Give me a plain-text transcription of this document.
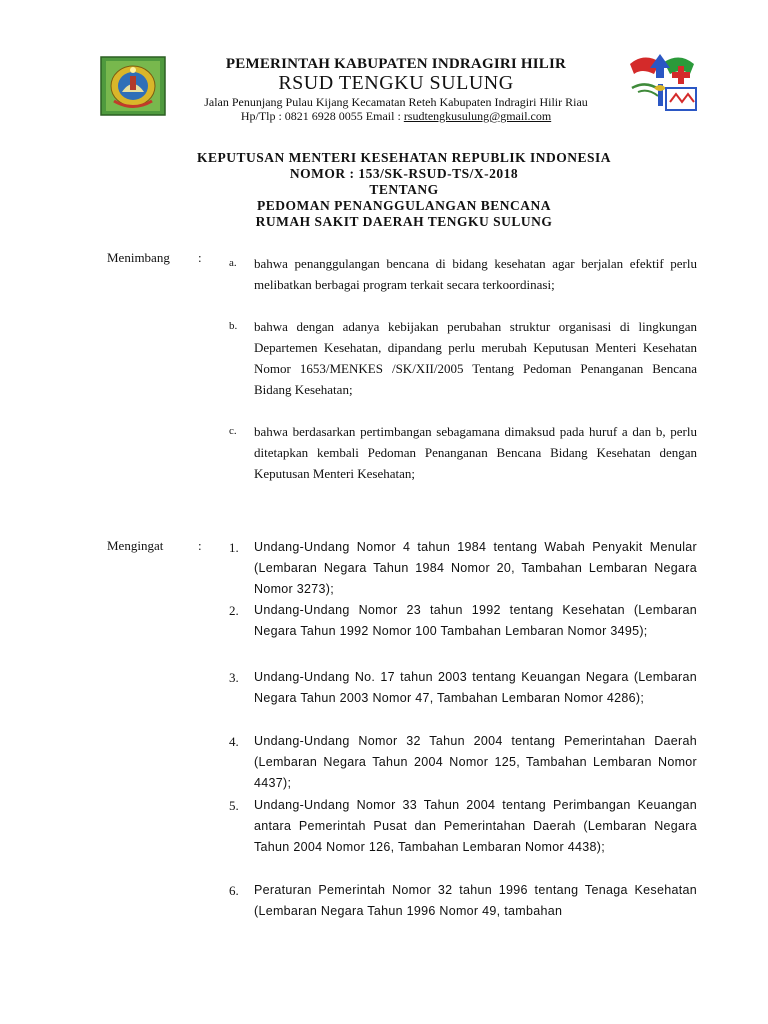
PEMERINTAH KABUPATEN INDRAGIRI HILIR
RSUD TENGKU SULUNG
Jalan Penunjang Pulau Kijang Kecamatan Reteh Kabupaten Indragiri Hilir Riau
Hp/Tlp : 0821 6928 0055 Email : rsudtengkusulung@gmail.com
KEPUTUSAN MENTERI KESEHATAN REPUBLIK INDONESIA
NOMOR : 153/SK-RSUD-TS/X-2018
TENTANG
PEDOMAN PENANGGULANGAN BENCANA
RUMAH SAKIT DAERAH TENGKU SULUNG
Menimbang : a. bahwa penanggulangan bencana di bidang kesehatan agar berjalan efektif perlu melibatkan berbagai program terkait secara terkoordinasi;
b. bahwa dengan adanya kebijakan perubahan struktur organisasi di lingkungan Departemen Kesehatan, dipandang perlu merubah Keputusan Menteri Kesehatan Nomor 1653/MENKES /SK/XII/2005 Tentang Pedoman Penanganan Bencana Bidang Kesehatan;
c. bahwa berdasarkan pertimbangan sebagamana dimaksud pada huruf a dan b, perlu ditetapkan kembali Pedoman Penanganan Bencana Bidang Kesehatan dengan Keputusan Menteri Kesehatan;
Mengingat	: 1. Undang-Undang Nomor 4 tahun 1984 tentang Wabah Penyakit Menular (Lembaran Negara Tahun 1984 Nomor 20, Tambahan Lembaran Negara Nomor 3273);
2. Undang-Undang Nomor 23 tahun 1992 tentang Kesehatan (Lembaran Negara Tahun 1992 Nomor 100 Tambahan Lembaran Nomor 3495);
3. Undang-Undang No. 17 tahun 2003 tentang Keuangan Negara (Lembaran Negara Tahun 2003 Nomor 47, Tambahan Lembaran Nomor 4286);
4. Undang-Undang Nomor 32 Tahun 2004 tentang Pemerintahan Daerah (Lembaran Negara Tahun 2004 Nomor 125, Tambahan Lembaran Nomor 4437);
5. Undang-Undang Nomor 33 Tahun 2004 tentang Perimbangan Keuangan antara Pemerintah Pusat dan Pemerintahan Daerah (Lembaran Negara Tahun 2004 Nomor 126, Tambahan Lembaran Nomor 4438);
6. Peraturan Pemerintah Nomor 32 tahun 1996 tentang Tenaga Kesehatan (Lembaran Negara Tahun 1996 Nomor 49, tambahan
